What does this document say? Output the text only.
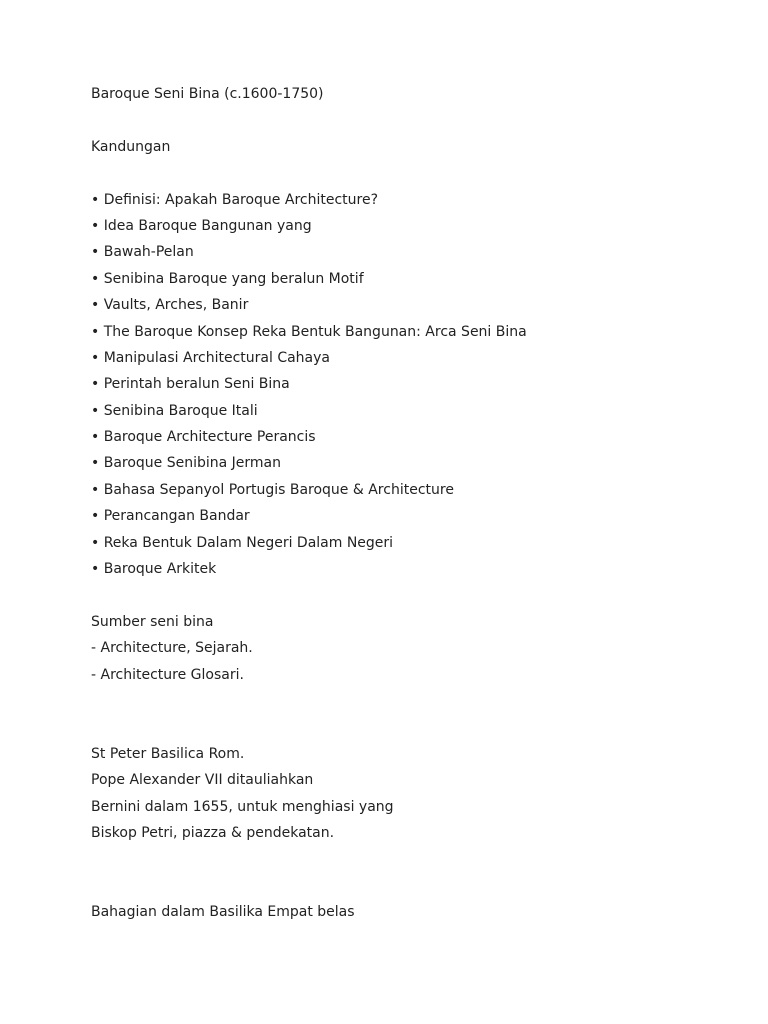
Baroque Seni Bina (c.1600-1750)
Kandungan
• Definisi: Apakah Baroque Architecture?
• Idea Baroque Bangunan yang
• Bawah-Pelan
• Senibina Baroque yang beralun Motif
• Vaults, Arches, Banir
• The Baroque Konsep Reka Bentuk Bangunan: Arca Seni Bina
• Manipulasi Architectural Cahaya
• Perintah beralun Seni Bina
• Senibina Baroque Itali
• Baroque Architecture Perancis
• Baroque Senibina Jerman
• Bahasa Sepanyol Portugis Baroque & Architecture
• Perancangan Bandar
• Reka Bentuk Dalam Negeri Dalam Negeri
• Baroque Arkitek
Sumber seni bina
- Architecture, Sejarah.
- Architecture Glosari.
St Peter Basilica Rom.
Pope Alexander VII ditauliahkan
Bernini dalam 1655, untuk menghiasi yang
Biskop Petri, piazza & pendekatan.
Bahagian dalam Basilika Empat belas
